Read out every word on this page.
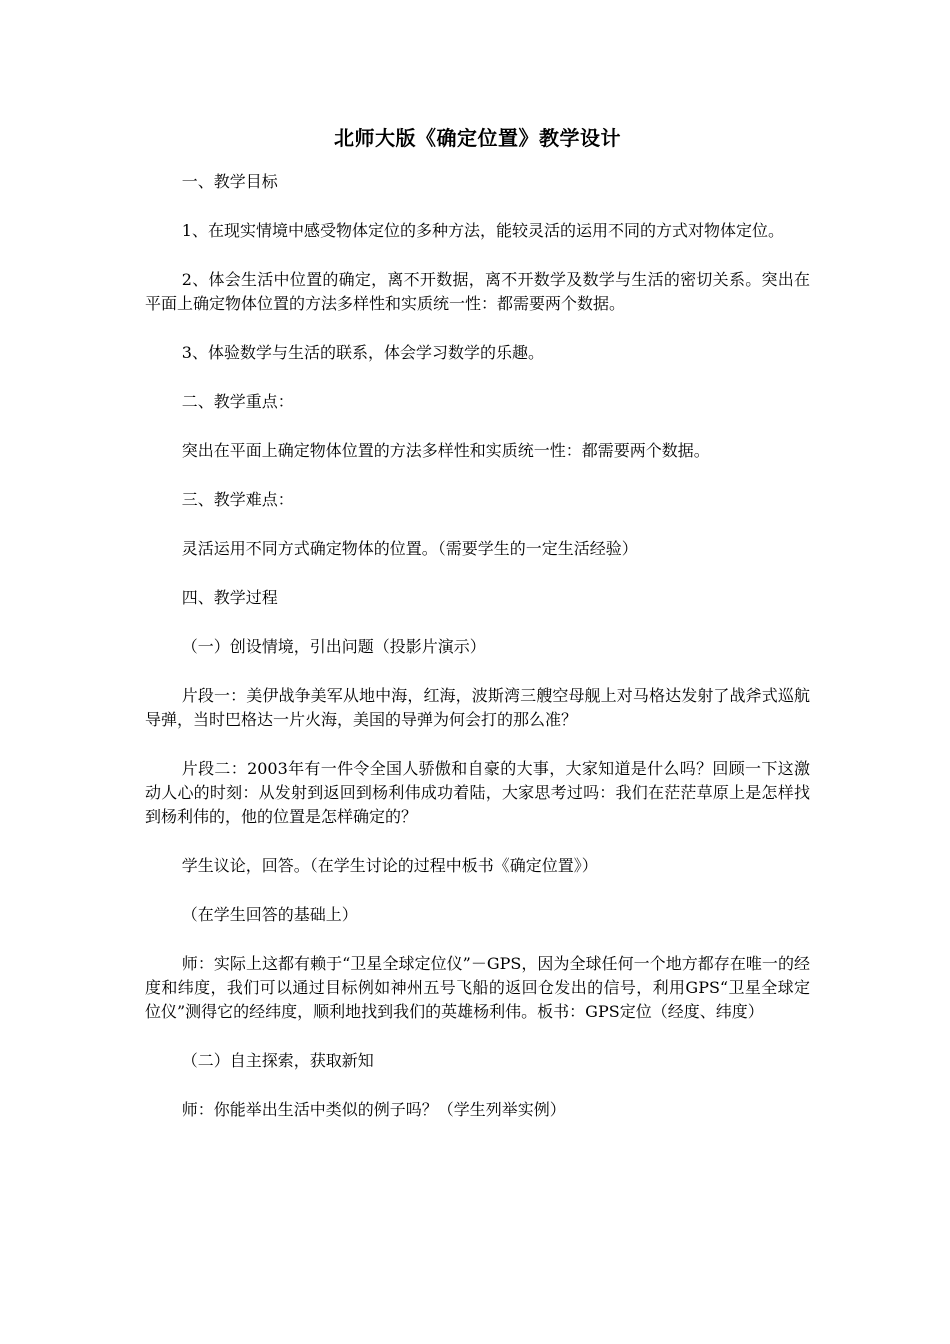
北师大版《确定位置》教学设计

一、教学目标

1、在现实情境中感受物体定位的多种方法，能较灵活的运用不同的方式对物体定位。

2、体会生活中位置的确定，离不开数据，离不开数学及数学与生活的密切关系。突出在平面上确定物体位置的方法多样性和实质统一性：都需要两个数据。

3、体验数学与生活的联系，体会学习数学的乐趣。

二、教学重点：

突出在平面上确定物体位置的方法多样性和实质统一性：都需要两个数据。

三、教学难点：

灵活运用不同方式确定物体的位置。（需要学生的一定生活经验）

四、教学过程

（一）创设情境，引出问题（投影片演示）

片段一：美伊战争美军从地中海，红海，波斯湾三艘空母舰上对马格达发射了战斧式巡航导弹，当时巴格达一片火海，美国的导弹为何会打的那么准？

片段二：2003年有一件令全国人骄傲和自豪的大事，大家知道是什么吗？回顾一下这激动人心的时刻：从发射到返回到杨利伟成功着陆，大家思考过吗：我们在茫茫草原上是怎样找到杨利伟的，他的位置是怎样确定的？

学生议论，回答。（在学生讨论的过程中板书《确定位置》）

（在学生回答的基础上）

师：实际上这都有赖于“卫星全球定位仪”－GPS，因为全球任何一个地方都存在唯一的经度和纬度，我们可以通过目标例如神州五号飞船的返回仓发出的信号，利用GPS“卫星全球定位仪”测得它的经纬度，顺利地找到我们的英雄杨利伟。板书：GPS定位（经度、纬度）

（二）自主探索，获取新知

师：你能举出生活中类似的例子吗？（学生列举实例）
